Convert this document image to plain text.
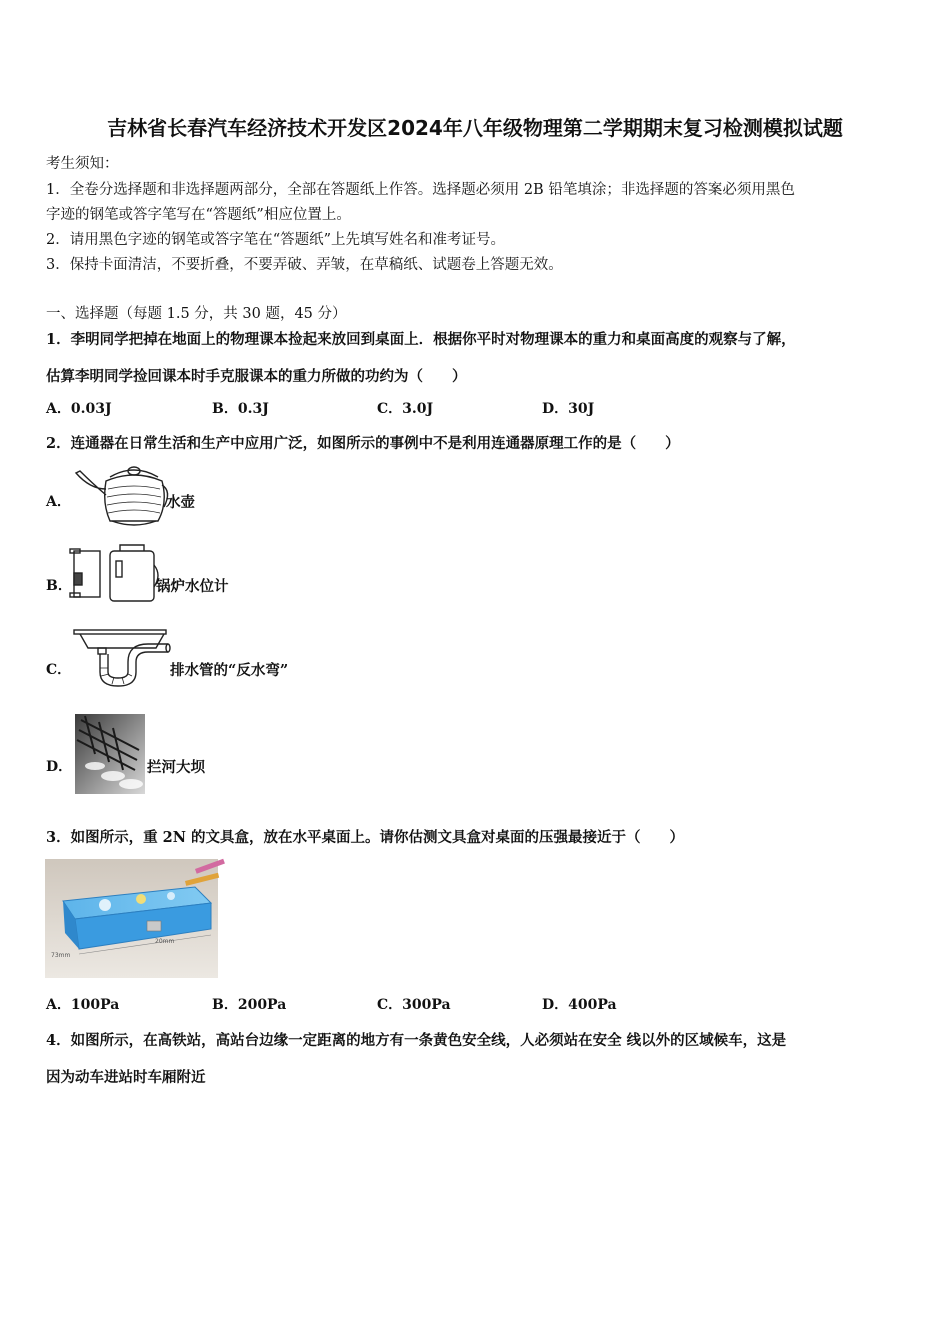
吉林省长春汽车经济技术开发区2024年八年级物理第二学期期末复习检测模拟试题
考生须知：
1．全卷分选择题和非选择题两部分，全部在答题纸上作答。选择题必须用 2B 铅笔填涂；非选择题的答案必须用黑色
字迹的钢笔或答字笔写在“答题纸”相应位置上。
2．请用黑色字迹的钢笔或答字笔在“答题纸”上先填写姓名和准考证号。
3．保持卡面清洁，不要折叠，不要弄破、弄皱，在草稿纸、试题卷上答题无效。
一、选择题（每题 1.5 分，共 30 题，45 分）
1．李明同学把掉在地面上的物理课本捡起来放回到桌面上．根据你平时对物理课本的重力和桌面高度的观察与了解，
估算李明同学捡回课本时手克服课本的重力所做的功约为（　　）
A．0.03J	B．0.3J	C．3.0J	D．30J
2．连通器在日常生活和生产中应用广泛，如图所示的事例中不是利用连通器原理工作的是（　　）
A．	水壶
B．	锅炉水位计
C．	排水管的“反水弯”
D．	拦河大坝
3．如图所示，重 2N 的文具盒，放在水平桌面上。请你估测文具盒对桌面的压强最接近于（　　）
20mm
73mm
A．100Pa	B．200Pa	C．300Pa	D．400Pa
4．如图所示，在高铁站，高站台边缘一定距离的地方有一条黄色安全线，人必须站在安全 线以外的区域候车，这是
因为动车进站时车厢附近
